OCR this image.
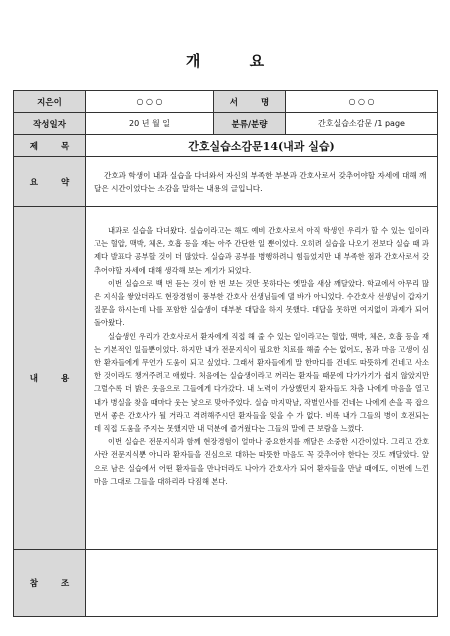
개 요
지은이	○ ○ ○	서 명	○ ○ ○
작성일자	20 년 월 일	분류/분량	간호실습소감문 /1 page
제 목	간호실습소감문14(내과 실습)		
요 약	간호과 학생이 내과 실습을 다녀와서 자신의 부족한 부분과 간호사로서 갖추어야할 자세에 대해 깨달은 시간이었다는 소감을 말하는 내용의 글입니다.		
내 용	내과로 실습을 다녀왔다. 실습이라고는 해도 예비 간호사로서 아직 학생인 우리가 할 수 있는 일이라고는 혈압, 맥박, 체온, 호흡 등을 재는 아주 간단한 일 뿐이었다. 오히려 실습을 나오기 전보다 실습 때 과제다 발표다 공부할 것이 더 많았다. 실습과 공부를 병행하려니 힘들었지만 내 부족한 점과 간호사로서 갖추어야할 자세에 대해 생각해 보는 계기가 되었다.

이번 실습으로 백 번 듣는 것이 한 번 보는 것만 못하다는 옛말을 새삼 깨달았다. 학교에서 아무리 많은 지식을 쌓았더라도 현장경험이 풍부한 간호사 선생님들에 댈 바가 아니었다. 수간호사 선생님이 갑자기 질문을 하시는데 나를 포함한 실습생이 대부분 대답을 하지 못했다. 대답을 못하면 여지없이 과제가 되어 돌아왔다.

실습생인 우리가 간호사로서 환자에게 직접 해 줄 수 있는 일이라고는 혈압, 맥박, 체온, 호흡 등을 재는 기본적인 일들뿐이었다. 하지만 내가 전문지식이 필요한 치료를 해줄 수는 없어도, 몸과 마음 고생이 심한 환자들에게 무언가 도움이 되고 싶었다. 그래서 환자들에게 말 한마디를 건네도 따뜻하게 건네고 사소한 것이라도 챙겨주려고 애썼다. 처음에는 실습생이라고 꺼리는 환자들 때문에 다가가기가 쉽지 않았지만 그럴수록 더 밝은 웃음으로 그들에게 다가갔다. 내 노력이 가상했던지 환자들도 차츰 나에게 마음을 열고 내가 병실을 찾을 때마다 웃는 낯으로 맞아주었다. 실습 마지막날, 작별인사를 건네는 나에게 손을 꼭 잡으면서 좋은 간호사가 될 거라고 격려해주시던 환자들을 잊을 수 가 없다. 비록 내가 그들의 병이 호전되는 데 직접 도움을 주지는 못했지만 내 덕분에 즐거웠다는 그들의 말에 큰 보람을 느꼈다.

이번 실습은 전문지식과 함께 현장경험이 얼마나 중요한지를 깨달은 소중한 시간이었다. 그리고 간호사란 전문지식뿐 아니라 환자들을 진심으로 대하는 따뜻한 마음도 꼭 갖추어야 한다는 것도 깨달았다. 앞으로 남은 실습에서 어떤 환자들을 만나더라도 나아가 간호사가 되어 환자들을 만날 때에도, 이번에 느낀 마음 그대로 그들을 대하리라 다짐해 본다.		

참 조			
